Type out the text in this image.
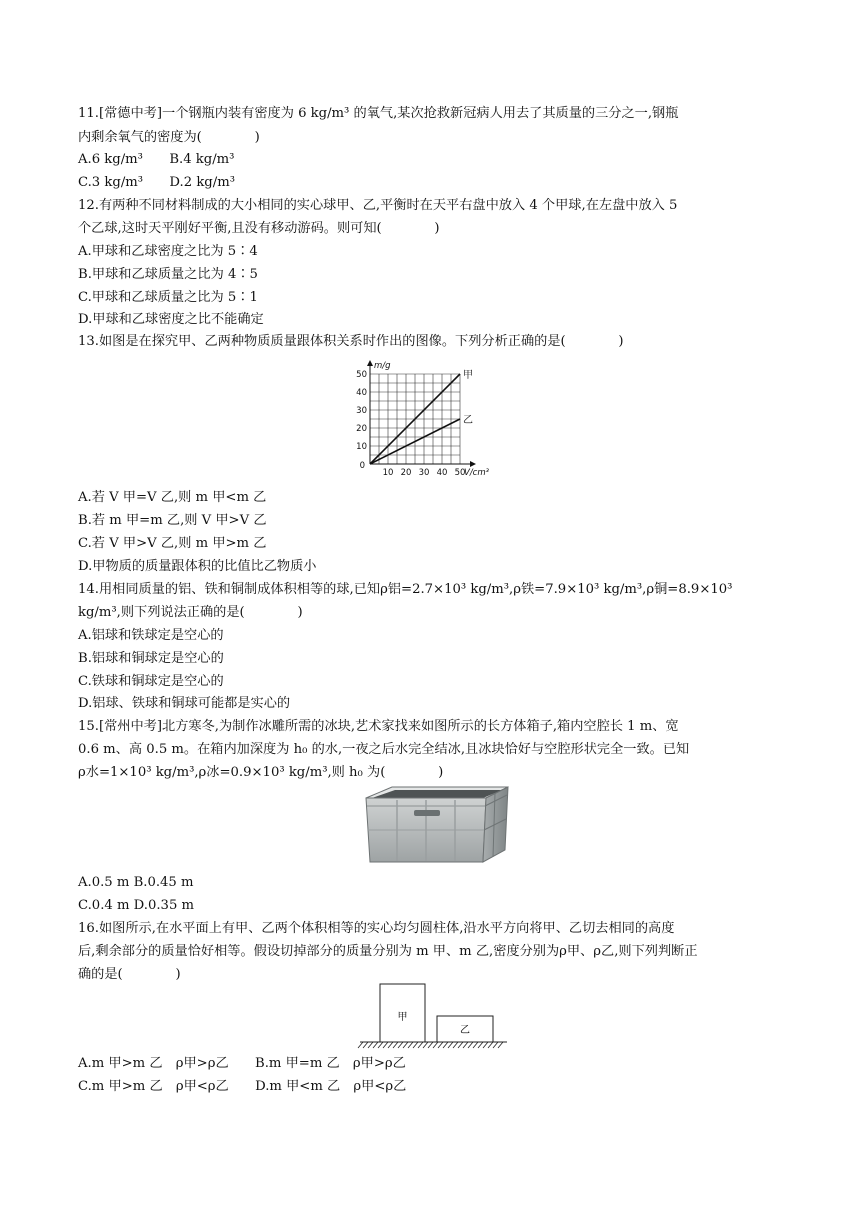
11.[常德中考]一个钢瓶内装有密度为 6 kg/m³ 的氧气,某次抢救新冠病人用去了其质量的三分之一,钢瓶
内剩余氧气的密度为(　　　　)
A.6 kg/m³　　B.4 kg/m³
C.3 kg/m³　　D.2 kg/m³
12.有两种不同材料制成的大小相同的实心球甲、乙,平衡时在天平右盘中放入 4 个甲球,在左盘中放入 5
个乙球,这时天平刚好平衡,且没有移动游码。则可知(　　　　)
A.甲球和乙球密度之比为 5∶4
B.甲球和乙球质量之比为 4∶5
C.甲球和乙球质量之比为 5∶1
D.甲球和乙球密度之比不能确定
13.如图是在探究甲、乙两种物质质量跟体积关系时作出的图像。下列分析正确的是(　　　　)
10
20
30
40
50
10 20 30 40 50
0
m/g
V/cm³
甲
乙
A.若 V 甲=V 乙,则 m 甲<m 乙
B.若 m 甲=m 乙,则 V 甲>V 乙
C.若 V 甲>V 乙,则 m 甲>m 乙
D.甲物质的质量跟体积的比值比乙物质小
14.用相同质量的铝、铁和铜制成体积相等的球,已知ρ铝=2.7×10³ kg/m³,ρ铁=7.9×10³ kg/m³,ρ铜=8.9×10³
kg/m³,则下列说法正确的是(　　　　)
A.铝球和铁球定是空心的
B.铝球和铜球定是空心的
C.铁球和铜球定是空心的
D.铝球、铁球和铜球可能都是实心的
15.[常州中考]北方寒冬,为制作冰雕所需的冰块,艺术家找来如图所示的长方体箱子,箱内空腔长 1 m、宽
0.6 m、高 0.5 m。在箱内加深度为 h₀ 的水,一夜之后水完全结冰,且冰块恰好与空腔形状完全一致。已知
ρ水=1×10³ kg/m³,ρ冰=0.9×10³ kg/m³,则 h₀ 为(　　　　)
A.0.5 m B.0.45 m
C.0.4 m D.0.35 m
16.如图所示,在水平面上有甲、乙两个体积相等的实心均匀圆柱体,沿水平方向将甲、乙切去相同的高度
后,剩余部分的质量恰好相等。假设切掉部分的质量分别为 m 甲、m 乙,密度分别为ρ甲、ρ乙,则下列判断正
确的是(　　　　)
甲
乙
A.m 甲>m 乙　ρ甲>ρ乙　　B.m 甲=m 乙　ρ甲>ρ乙
C.m 甲>m 乙　ρ甲<ρ乙　　D.m 甲<m 乙　ρ甲<ρ乙
